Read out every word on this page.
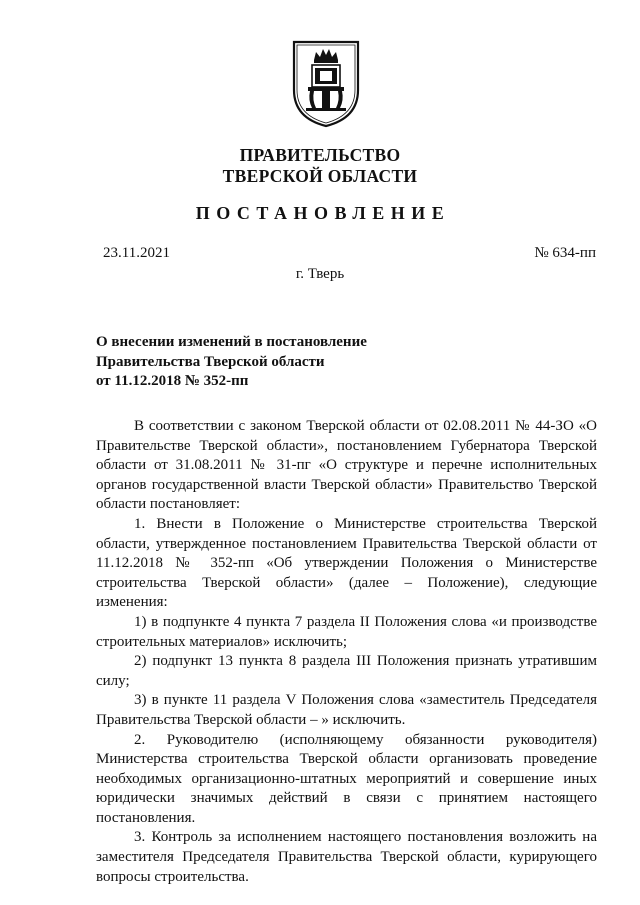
ПРАВИТЕЛЬСТВО
ТВЕРСКОЙ ОБЛАСТИ
ПОСТАНОВЛЕНИЕ
23.11.2021	№ 634-пп
г. Тверь
О внесении изменений в постановление
Правительства Тверской области
от 11.12.2018 № 352-пп

В соответствии с законом Тверской области от 02.08.2011 № 44-ЗО «О Правительстве Тверской области», постановлением Губернатора Тверской области от 31.08.2011 № 31-пг «О структуре и перечне исполнительных органов государственной власти Тверской области» Правительство Тверской области постановляет:

1. Внести в Положение о Министерстве строительства Тверской области, утвержденное постановлением Правительства Тверской области от 11.12.2018 № 352-пп «Об утверждении Положения о Министерстве строительства Тверской области» (далее – Положение), следующие изменения:

1) в подпункте 4 пункта 7 раздела II Положения слова «и производстве строительных материалов» исключить;

2) подпункт 13 пункта 8 раздела III Положения признать утратившим силу;

3) в пункте 11 раздела V Положения слова «заместитель Председателя Правительства Тверской области – » исключить.

2. Руководителю (исполняющему обязанности руководителя) Министерства строительства Тверской области организовать проведение необходимых организационно-штатных мероприятий и совершение иных юридически значимых действий в связи с принятием настоящего постановления.

3. Контроль за исполнением настоящего постановления возложить на заместителя Председателя Правительства Тверской области, курирующего вопросы строительства.
